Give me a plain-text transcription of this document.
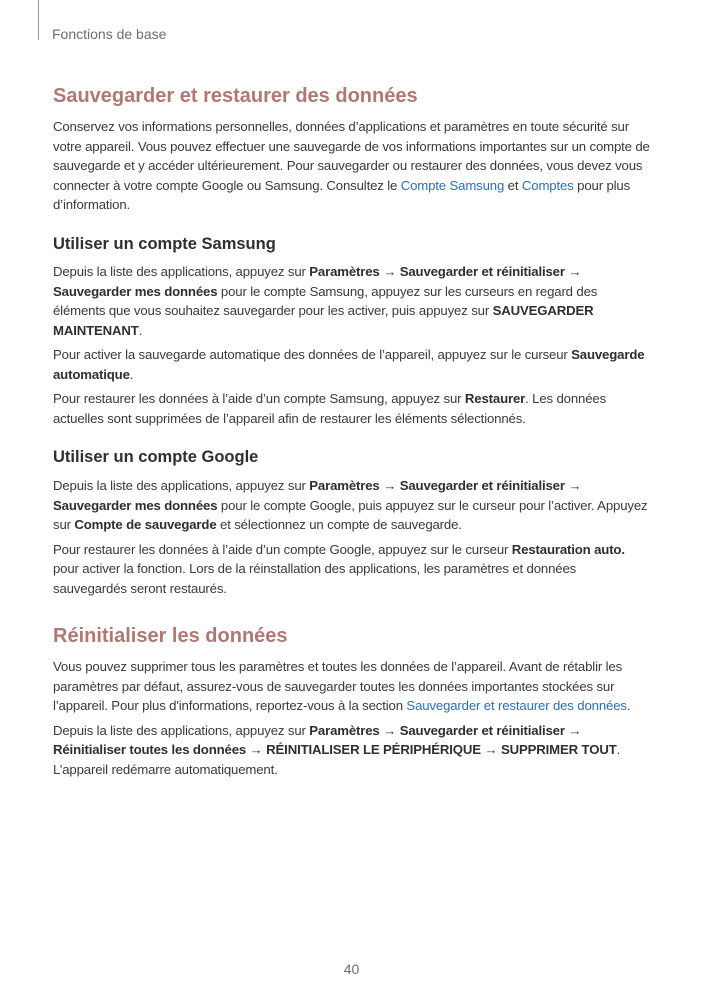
Fonctions de base
Sauvegarder et restaurer des données

Conservez vos informations personnelles, données d’applications et paramètres en toute sécurité sur votre appareil. Vous pouvez effectuer une sauvegarde de vos informations importantes sur un compte de sauvegarde et y accéder ultérieurement. Pour sauvegarder ou restaurer des données, vous devez vous connecter à votre compte Google ou Samsung. Consultez le Compte Samsung et Comptes pour plus d’information.

Utiliser un compte Samsung

Depuis la liste des applications, appuyez sur Paramètres → Sauvegarder et réinitialiser → Sauvegarder mes données pour le compte Samsung, appuyez sur les curseurs en regard des éléments que vous souhaitez sauvegarder pour les activer, puis appuyez sur SAUVEGARDER MAINTENANT.

Pour activer la sauvegarde automatique des données de l’appareil, appuyez sur le curseur Sauvegarde automatique.

Pour restaurer les données à l’aide d’un compte Samsung, appuyez sur Restaurer. Les données actuelles sont supprimées de l’appareil afin de restaurer les éléments sélectionnés.

Utiliser un compte Google

Depuis la liste des applications, appuyez sur Paramètres → Sauvegarder et réinitialiser → Sauvegarder mes données pour le compte Google, puis appuyez sur le curseur pour l’activer. Appuyez sur Compte de sauvegarde et sélectionnez un compte de sauvegarde.

Pour restaurer les données à l’aide d’un compte Google, appuyez sur le curseur Restauration auto. pour activer la fonction. Lors de la réinstallation des applications, les paramètres et données sauvegardés seront restaurés.

Réinitialiser les données

Vous pouvez supprimer tous les paramètres et toutes les données de l’appareil. Avant de rétablir les paramètres par défaut, assurez-vous de sauvegarder toutes les données importantes stockées sur l’appareil. Pour plus d'informations, reportez-vous à la section Sauvegarder et restaurer des données.

Depuis la liste des applications, appuyez sur Paramètres → Sauvegarder et réinitialiser → Réinitialiser toutes les données → RÉINITIALISER LE PÉRIPHÉRIQUE → SUPPRIMER TOUT. L’appareil redémarre automatiquement.

40
